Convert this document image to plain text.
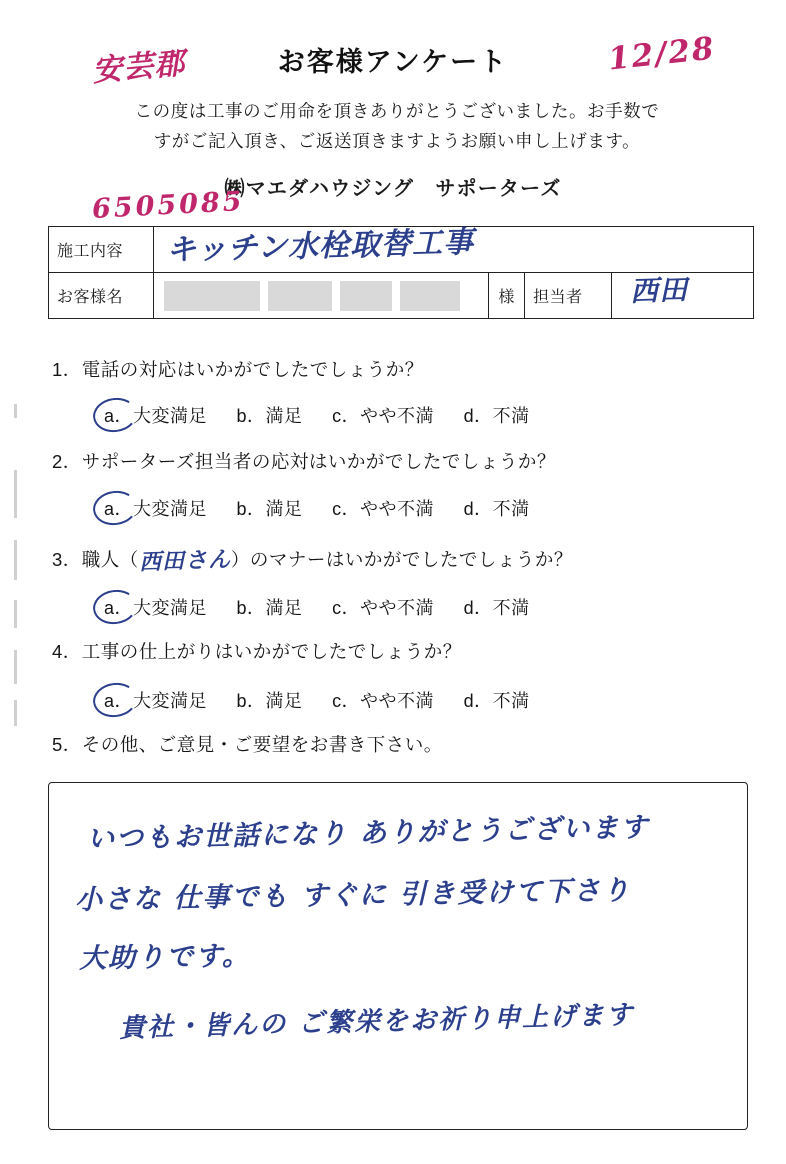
お客様アンケート
安芸郡	12/28
この度は工事のご用命を頂きありがとうございました。お手数で
すがご記入頂き、ご返送頂きますようお願い申し上げます。
㈱マエダハウジング　サポーターズ
6505085
施工内容	キッチン水栓取替工事			

お客様名		様	担当者	西田
1．電話の対応はいかがでしたでしょうか？
a．大変満足 b．満足 c．やや不満 d．不満
2．サポーターズ担当者の応対はいかがでしたでしょうか？
a．大変満足 b．満足 c．やや不満 d．不満
3．職人（西田さん）のマナーはいかがでしたでしょうか？
a．大変満足 b．満足 c．やや不満 d．不満
4．工事の仕上がりはいかがでしたでしょうか？
a．大変満足 b．満足 c．やや不満 d．不満
5．その他、ご意見・ご要望をお書き下さい。
いつもお世話になり ありがとうございます
小さな 仕事でも すぐに 引き受けて下さり
大助りです。
貴社・皆んの ご繁栄をお祈り申上げます
